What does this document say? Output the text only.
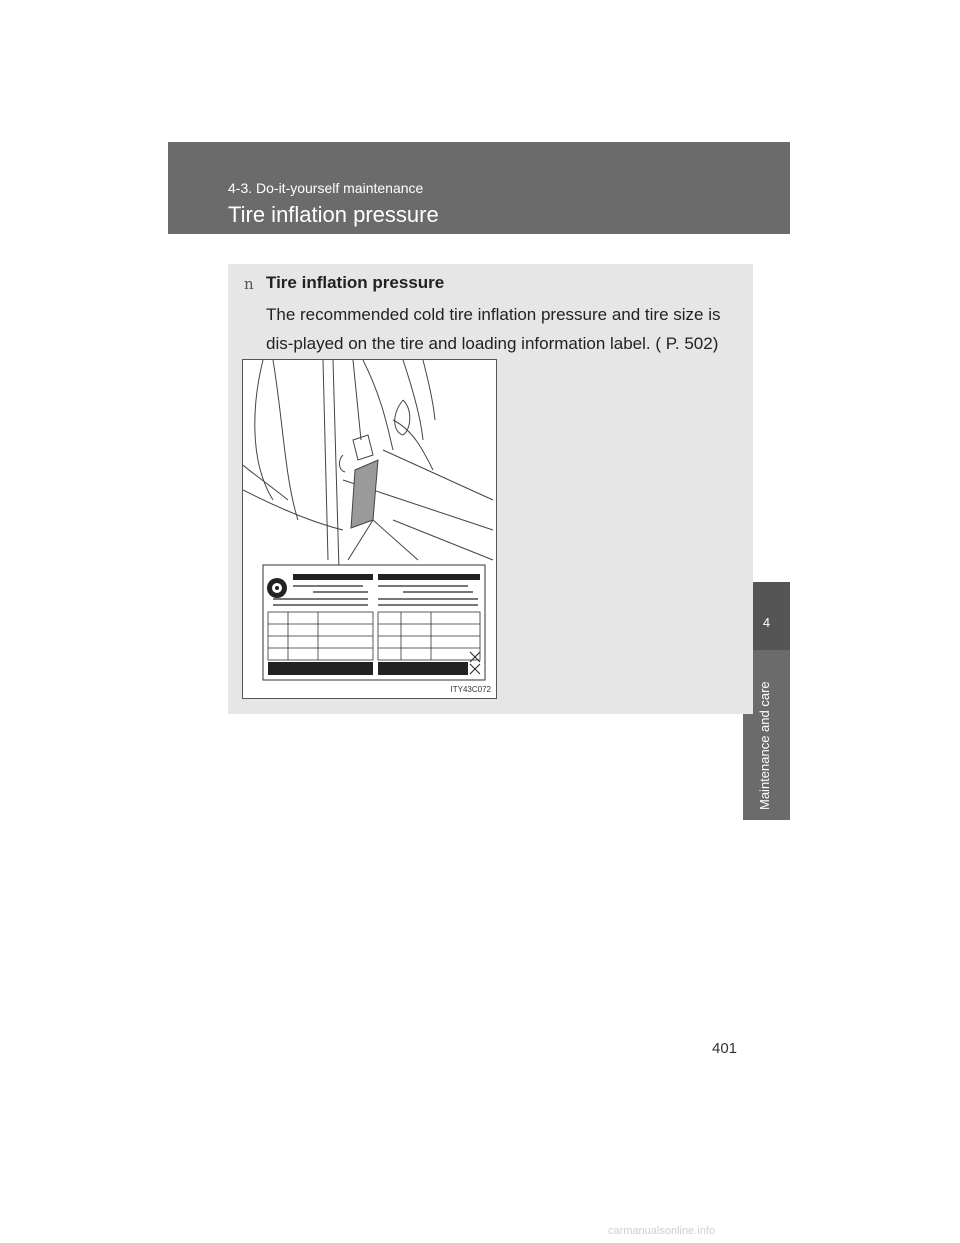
4-3. Do-it-yourself maintenance
Tire inflation pressure
4
Maintenance and care
n Tire inflation pressure
The recommended cold tire inflation pressure and tire size is dis-played on the tire and loading information label. ( P. 502)
ITY43C072
401
carmanualsonline.info
